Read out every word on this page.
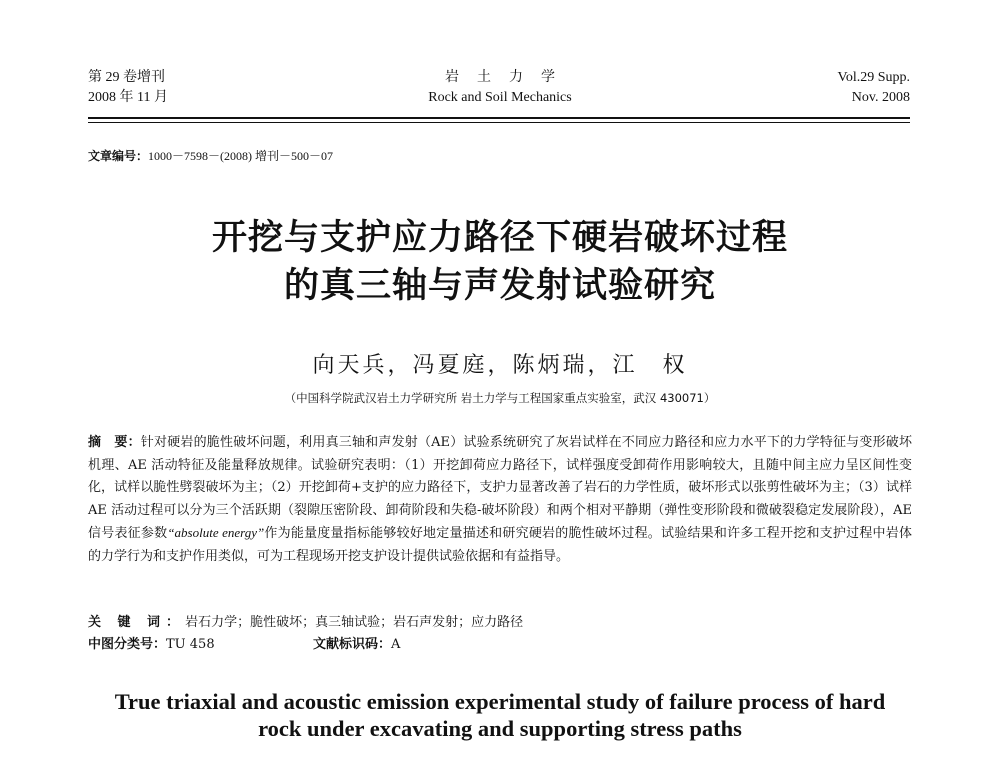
第 29 卷增刊
2008 年 11 月
岩土力学
Rock and Soil Mechanics
Vol.29 Supp.
Nov. 2008
文章编号：1000－7598－(2008) 增刊－500－07
开挖与支护应力路径下硬岩破坏过程
的真三轴与声发射试验研究
向天兵，冯夏庭，陈炳瑞，江　权
（中国科学院武汉岩土力学研究所 岩土力学与工程国家重点实验室，武汉 430071）
摘　要：针对硬岩的脆性破坏问题，利用真三轴和声发射（AE）试验系统研究了灰岩试样在不同应力路径和应力水平下的力学特征与变形破坏机理、AE 活动特征及能量释放规律。试验研究表明：（1）开挖卸荷应力路径下，试样强度受卸荷作用影响较大，且随中间主应力呈区间性变化，试样以脆性劈裂破坏为主；（2）开挖卸荷+支护的应力路径下，支护力显著改善了岩石的力学性质，破坏形式以张剪性破坏为主；（3）试样 AE 活动过程可以分为三个活跃期（裂隙压密阶段、卸荷阶段和失稳-破坏阶段）和两个相对平静期（弹性变形阶段和微破裂稳定发展阶段），AE 信号表征参数“absolute energy”作为能量度量指标能够较好地定量描述和研究硬岩的脆性破坏过程。试验结果和许多工程开挖和支护过程中岩体的力学行为和支护作用类似，可为工程现场开挖支护设计提供试验依据和有益指导。
关 键 词：岩石力学；脆性破坏；真三轴试验；岩石声发射；应力路径
中图分类号：TU 458	文献标识码：A
True triaxial and acoustic emission experimental study of failure process of hard
rock under excavating and supporting stress paths
